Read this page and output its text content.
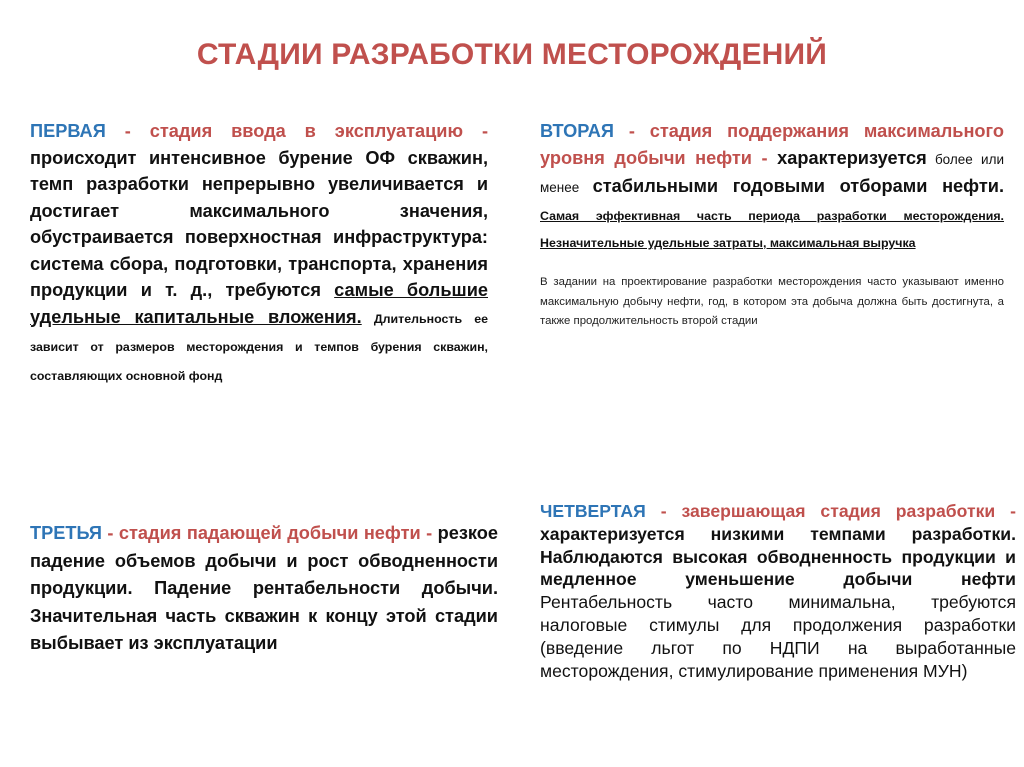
СТАДИИ РАЗРАБОТКИ МЕСТОРОЖДЕНИЙ
ПЕРВАЯ - стадия ввода в эксплуатацию - происходит интенсивное бурение ОФ скважин, темп разработки непрерывно увеличивается и достигает максимального значения, обустраивается поверхностная инфраструктура: система сбора, подготовки, транспорта, хранения продукции и т. д., требуются самые большие удельные капитальные вложения. Длительность ее зависит от размеров месторождения и темпов бурения скважин, составляющих основной фонд
ВТОРАЯ - стадия поддержания максимального уровня добычи нефти - характеризуется более или менее стабильными годовыми отборами нефти. Самая эффективная часть периода разработки месторождения. Незначительные удельные затраты, максимальная выручка
В задании на проектирование разработки месторождения часто указывают именно максимальную добычу нефти, год, в котором эта добыча должна быть достигнута, а также продолжительность второй стадии
ТРЕТЬЯ - стадия падающей добычи нефти - резкое падение объемов добычи и рост обводненности продукции. Падение рентабельности добычи. Значительная часть скважин к концу этой стадии выбывает из эксплуатации
ЧЕТВЕРТАЯ - завершающая стадия разработки - характеризуется низкими темпами разработки. Наблюдаются высокая обводненность продукции и медленное уменьшение добычи нефти Рентабельность часто минимальна, требуются налоговые стимулы для продолжения разработки (введение льгот по НДПИ на выработанные месторождения, стимулирование применения МУН)
